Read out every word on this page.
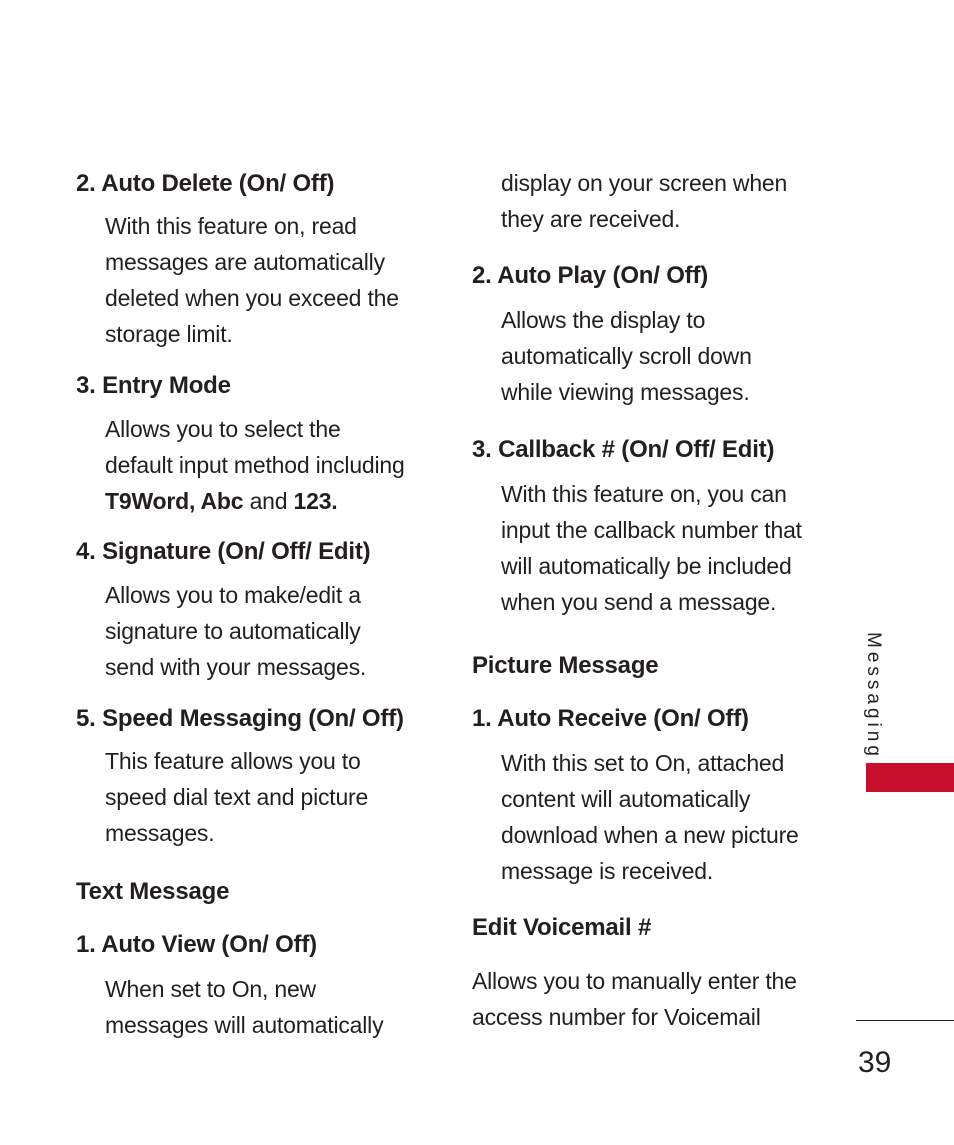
2. Auto Delete (On/ Off)
With this feature on, read
messages are automatically
deleted when you exceed the
storage limit.
3. Entry Mode
Allows you to select the
default input method including
T9Word, Abc and 123.
4. Signature (On/ Off/ Edit)
Allows you to make/edit a
signature to automatically
send with your messages.
5. Speed Messaging (On/ Off)
This feature allows you to
speed dial text and picture
messages.
Text Message
1. Auto View (On/ Off)
When set to On, new
messages will automatically
display on your screen when
they are received.
2. Auto Play (On/ Off)
Allows the display to
automatically scroll down
while viewing messages.
3. Callback # (On/ Off/ Edit)
With this feature on, you can
input the callback number that
will automatically be included
when you send a message.
Picture Message
1. Auto Receive (On/ Off)
With this set to On, attached
content will automatically
download when a new picture
message is received.
Edit Voicemail #
Allows you to manually enter the
access number for Voicemail
Messaging
39
